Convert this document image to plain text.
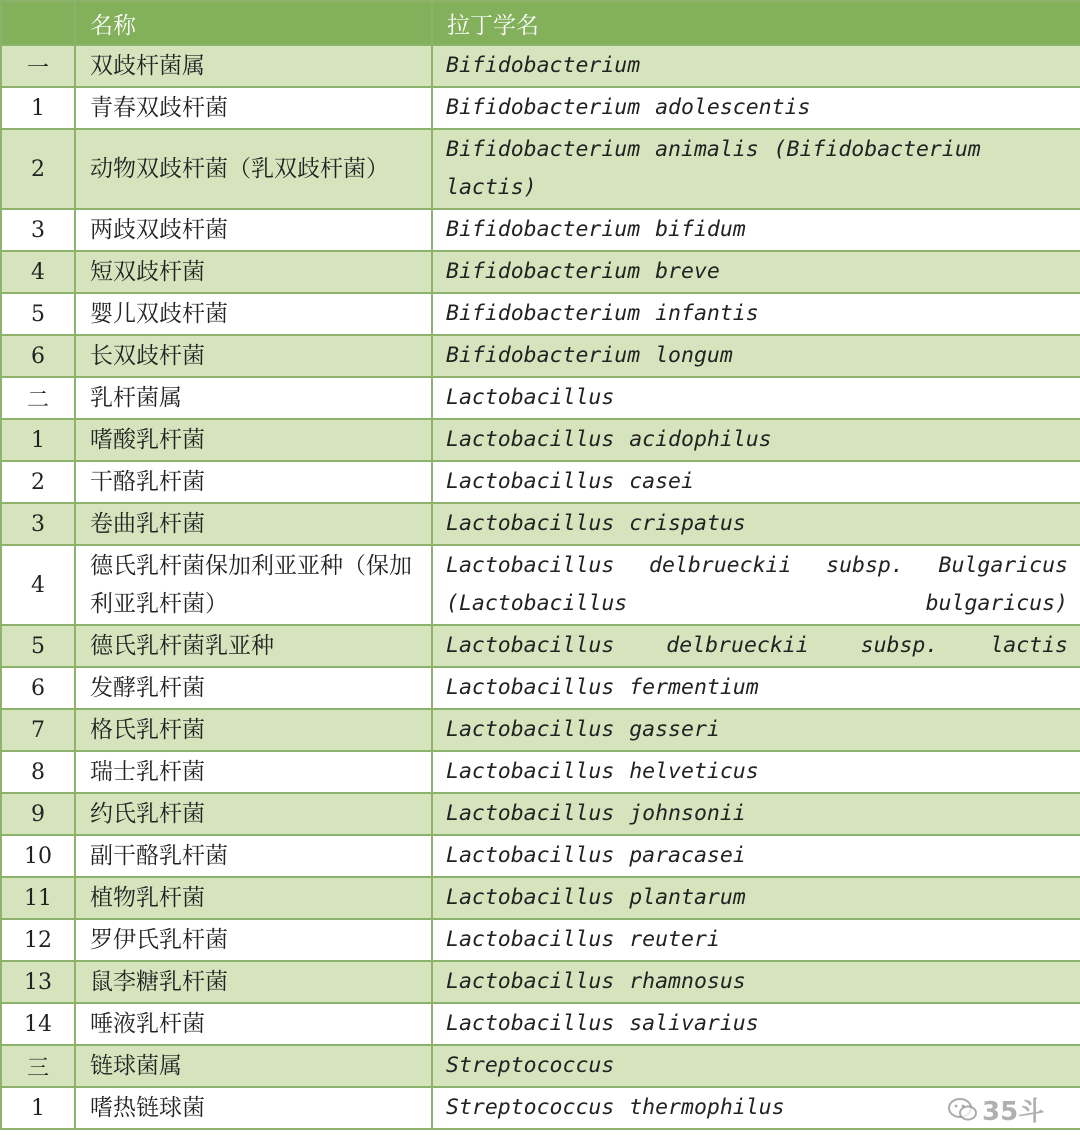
	名称	拉丁学名
一	双歧杆菌属	Bifidobacterium
1	青春双歧杆菌	Bifidobacterium adolescentis
2	动物双歧杆菌（乳双歧杆菌）	Bifidobacterium animalis (Bifidobacterium lactis)
3	两歧双歧杆菌	Bifidobacterium bifidum
4	短双歧杆菌	Bifidobacterium breve
5	婴儿双歧杆菌	Bifidobacterium infantis
6	长双歧杆菌	Bifidobacterium longum
二	乳杆菌属	Lactobacillus
1	嗜酸乳杆菌	Lactobacillus acidophilus
2	干酪乳杆菌	Lactobacillus casei
3	卷曲乳杆菌	Lactobacillus crispatus
4	德氏乳杆菌保加利亚亚种（保加利亚乳杆菌）	Lactobacillus delbrueckii subsp. Bulgaricus (Lactobacillus bulgaricus)
5	德氏乳杆菌乳亚种	Lactobacillus delbrueckii subsp. lactis
6	发酵乳杆菌	Lactobacillus fermentium
7	格氏乳杆菌	Lactobacillus gasseri
8	瑞士乳杆菌	Lactobacillus helveticus
9	约氏乳杆菌	Lactobacillus johnsonii
10	副干酪乳杆菌	Lactobacillus paracasei
11	植物乳杆菌	Lactobacillus plantarum
12	罗伊氏乳杆菌	Lactobacillus reuteri
13	鼠李糖乳杆菌	Lactobacillus rhamnosus
14	唾液乳杆菌	Lactobacillus salivarius
三	链球菌属	Streptococcus
1	嗜热链球菌	Streptococcus thermophilus	35斗
